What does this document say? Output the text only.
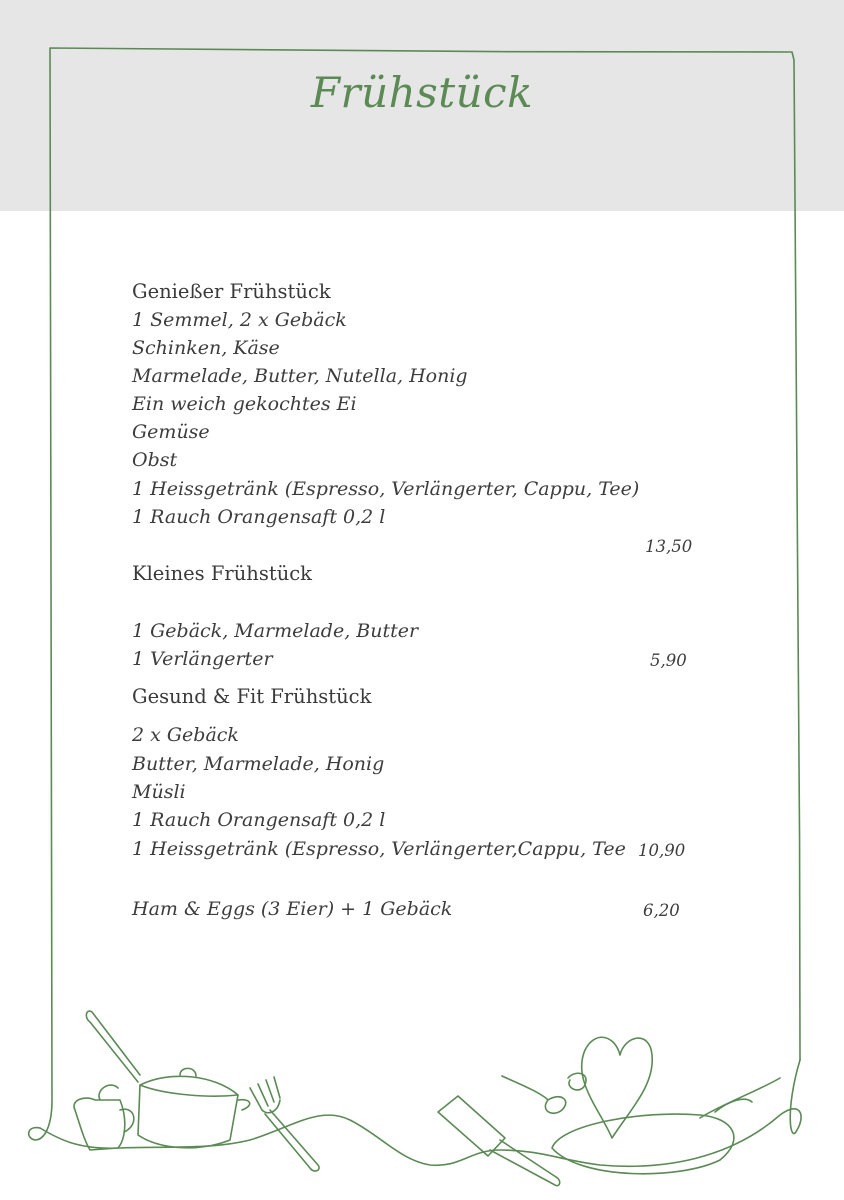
Frühstück
Genießer Frühstück
1 Semmel, 2 x Gebäck
Schinken, Käse
Marmelade, Butter, Nutella, Honig
Ein weich gekochtes Ei
Gemüse
Obst
1 Heissgetränk (Espresso, Verlängerter, Cappu, Tee)
1 Rauch Orangensaft 0,2 l
13,50
Kleines Frühstück
1 Gebäck, Marmelade, Butter
1 Verlängerter	5,90
Gesund & Fit Frühstück
2 x Gebäck
Butter, Marmelade, Honig
Müsli
1 Rauch Orangensaft 0,2 l
1 Heissgetränk (Espresso, Verlängerter,Cappu, Tee 10,90
Ham & Eggs (3 Eier) + 1 Gebäck	6,20
